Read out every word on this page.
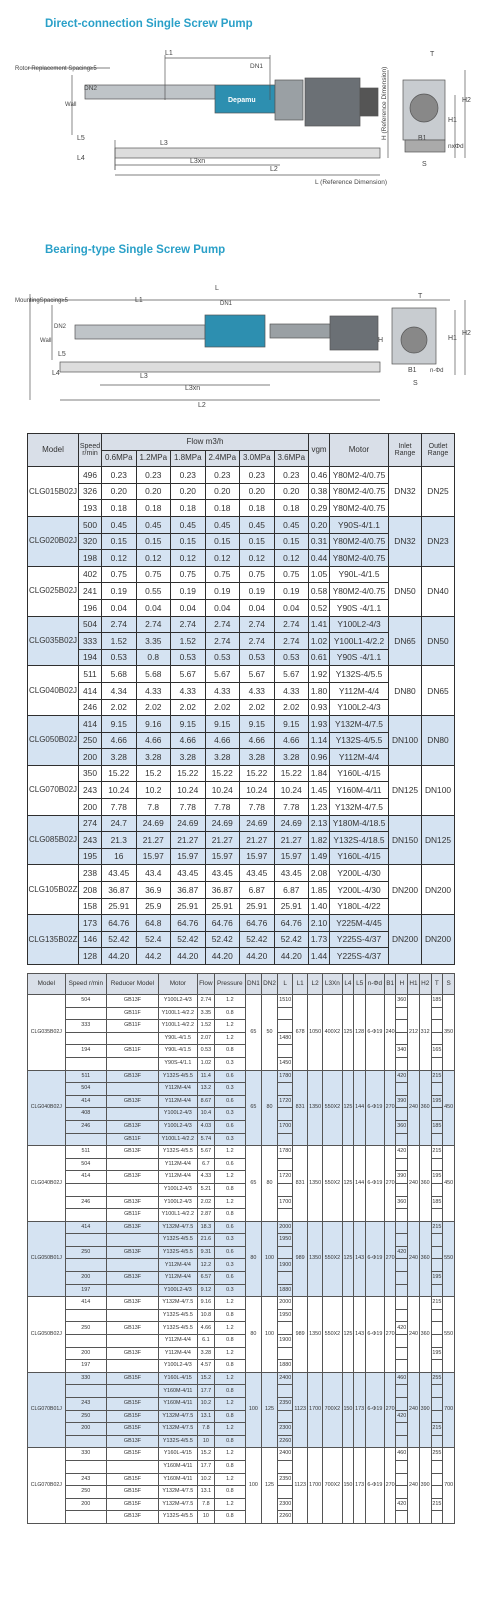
Direct-connection Single Screw Pump
Rotor Replacement Spacing≥5
Wall
Depamu
L1
DN1
DN2
L5
L3
L4	L3xn
L2
L (Reference Dimension)
H (Reference Dimension)
T
H2
H1
B1
nxΦd
S
Bearing-type Single Screw Pump
MountingSpacing≥5
Wall
Depamu
L
L1	DN1
DN2
L5
L4	L3
L3xn
L2
T
H	H1
H2
B1 n-Φd
S
Model	Speed r/min	Flow m3/h						vgm	Motor	Inlet Range	Outlet Range
		0.6MPa	1.2MPa	1.8MPa	2.4MPa	3.0MPa	3.6MPa				
CLG015B02J	496	0.23	0.23	0.23	0.23	0.23	0.23	0.46	Y80M2-4/0.75	DN32	DN25
	326	0.20	0.20	0.20	0.20	0.20	0.20	0.38	Y80M2-4/0.75		
	193	0.18	0.18	0.18	0.18	0.18	0.18	0.29	Y80M2-4/0.75		
CLG020B02J	500	0.45	0.45	0.45	0.45	0.45	0.45	0.20	Y90S-4/1.1	DN32	DN23
	320	0.15	0.15	0.15	0.15	0.15	0.15	0.31	Y80M2-4/0.75		
	198	0.12	0.12	0.12	0.12	0.12	0.12	0.44	Y80M2-4/0.75		
CLG025B02J	402	0.75	0.75	0.75	0.75	0.75	0.75	1.05	Y90L-4/1.5	DN50	DN40
	241	0.19	0.55	0.19	0.19	0.19	0.19	0.58	Y80M2-4/0.75		
	196	0.04	0.04	0.04	0.04	0.04	0.04	0.52	Y90S -4/1.1		
CLG035B02J	504	2.74	2.74	2.74	2.74	2.74	2.74	1.41	Y100L2-4/3	DN65	DN50
	333	1.52	3.35	1.52	2.74	2.74	2.74	1.02	Y100L1-4/2.2		
	194	0.53	0.8	0.53	0.53	0.53	0.53	0.61	Y90S -4/1.1		
CLG040B02J	511	5.68	5.68	5.67	5.67	5.67	5.67	1.92	Y132S-4/5.5	DN80	DN65
	414	4.34	4.33	4.33	4.33	4.33	4.33	1.80	Y112M-4/4		
	246	2.02	2.02	2.02	2.02	2.02	2.02	0.93	Y100L2-4/3		
CLG050B02J	414	9.15	9.16	9.15	9.15	9.15	9.15	1.93	Y132M-4/7.5	DN100	DN80
	250	4.66	4.66	4.66	4.66	4.66	4.66	1.14	Y132S-4/5.5		
	200	3.28	3.28	3.28	3.28	3.28	3.28	0.96	Y112M-4/4		
CLG070B02J	350	15.22	15.2	15.22	15.22	15.22	15.22	1.84	Y160L-4/15	DN125	DN100
	243	10.24	10.2	10.24	10.24	10.24	10.24	1.45	Y160M-4/11		
	200	7.78	7.8	7.78	7.78	7.78	7.78	1.23	Y132M-4/7.5		
CLG085B02J	274	24.7	24.69	24.69	24.69	24.69	24.69	2.13	Y180M-4/18.5	DN150	DN125
	243	21.3	21.27	21.27	21.27	21.27	21.27	1.82	Y132S-4/18.5		
	195	16	15.97	15.97	15.97	15.97	15.97	1.49	Y160L-4/15		
CLG105B02Z	238	43.45	43.4	43.45	43.45	43.45	43.45	2.08	Y200L-4/30	DN200	DN200
	208	36.87	36.9	36.87	36.87	6.87	6.87	1.85	Y200L-4/30		
	158	25.91	25.9	25.91	25.91	25.91	25.91	1.40	Y180L-4/22		
CLG135B02Z	173	64.76	64.8	64.76	64.76	64.76	64.76	2.10	Y225M-4/45	DN200	DN200
	146	52.42	52.4	52.42	52.42	52.42	52.42	1.73	Y225S-4/37		
	128	44.20	44.2	44.20	44.20	44.20	44.20	1.44	Y225S-4/37		
Model	Speed r/min	Reducer Model	Motor	Flow	Pressure	DN1	DN2	L	L1	L2	L3Xn	L4	L5	n-Φd	B1	H	H1	H2	T	S
CLG035B02J	504	GB13F	Y100L2-4/3	2.74	1.2	65	50	1510	678	1050	400X2	125	128	6-Φ19	240	360	212	312	185	350
		GB11F	Y100L1-4/2.2	3.35	0.8															
	333	GB11F	Y100L1-4/2.2	1.52	1.2															
			Y90L-4/1.5	2.07	1.2			1480												
	194	GB11F	Y90L-4/1.5	0.53	0.8											340			165	
			Y90S-4/1.1	1.02	0.3			1450												
CLG040B02J	511	GB13F	Y132S-4/5.5	11.4	0.6	65	80	1780	831	1350	550X2	125	144	6-Φ19	270	420	240	360	215	450
	504		Y112M-4/4	13.2	0.3															
	414	GB13F	Y112M-4/4	8.67	0.6			1720								390			195	
	408		Y100L2-4/3	10.4	0.3															
	246	GB13F	Y100L2-4/3	4.03	0.6			1700								360			185	
		GB11F	Y100L1-4/2.2	5.74	0.3															
CLG040B02J	511	GB13F	Y132S-4/5.5	5.67	1.2	65	80	1780	831	1350	550X2	125	144	6-Φ19	270	420	240	360	215	450
	504		Y112M-4/4	6.7	0.6															
	414	GB13F	Y112M-4/4	4.33	1.2			1720								390			195	
			Y100L2-4/3	5.21	0.8															
	246	GB13F	Y100L2-4/3	2.02	1.2			1700								360			185	
		GB11F	Y100L1-4/2.2	2.87	0.8															
CLG050B01J	414	GB13F	Y132M-4/7.5	18.3	0.6	80	100	2000	989	1350	550X2	125	143	6-Φ19	270		240	360	215	550
			Y132S-4/5.5	21.6	0.3			1950												
	250	GB13F	Y132S-4/5.5	9.31	0.6											420				
			Y112M-4/4	12.2	0.3			1900												
	200	GB13F	Y112M-4/4	6.57	0.6														195	
	197		Y100L2-4/3	9.12	0.3			1880												
CLG050B02J	414	GB13F	Y132M-4/7.5	9.16	1.2	80	100	2000	989	1350	550X2	125	143	6-Φ19	270		240	360	215	550
			Y132S-4/5.5	10.8	0.8			1950												
	250	GB13F	Y132S-4/5.5	4.66	1.2											420				
			Y112M-4/4	6.1	0.8			1900												
	200	GB13F	Y112M-4/4	3.28	1.2														195	
	197		Y100L2-4/3	4.57	0.8			1880												
CLG070B01J	330	GB15F	Y160L-4/15	15.2	1.2	100	125	2400	1123	1700	700X2	150	173	6-Φ19	270	460	240	390	255	700
			Y160M-4/11	17.7	0.8															
	243	GB15F	Y160M-4/11	10.2	1.2			2350												
	250	GB15F	Y132M-4/7.5	13.1	0.8											420				
	200	GB15F	Y132M-4/7.5	7.8	1.2			2300											215	
		GB13F	Y132S-4/5.5	10	0.8			2260												
CLG070B02J	330	GB15F	Y160L-4/15	15.2	1.2	100	125	2400	1123	1700	700X2	150	173	6-Φ19	270	460	240	390	255	700
			Y160M-4/11	17.7	0.8															
	243	GB15F	Y160M-4/11	10.2	1.2			2350												
	250	GB15F	Y132M-4/7.5	13.1	0.8															
	200	GB15F	Y132M-4/7.5	7.8	1.2			2300								420			215	
		GB13F	Y132S-4/5.5	10	0.8			2260												
